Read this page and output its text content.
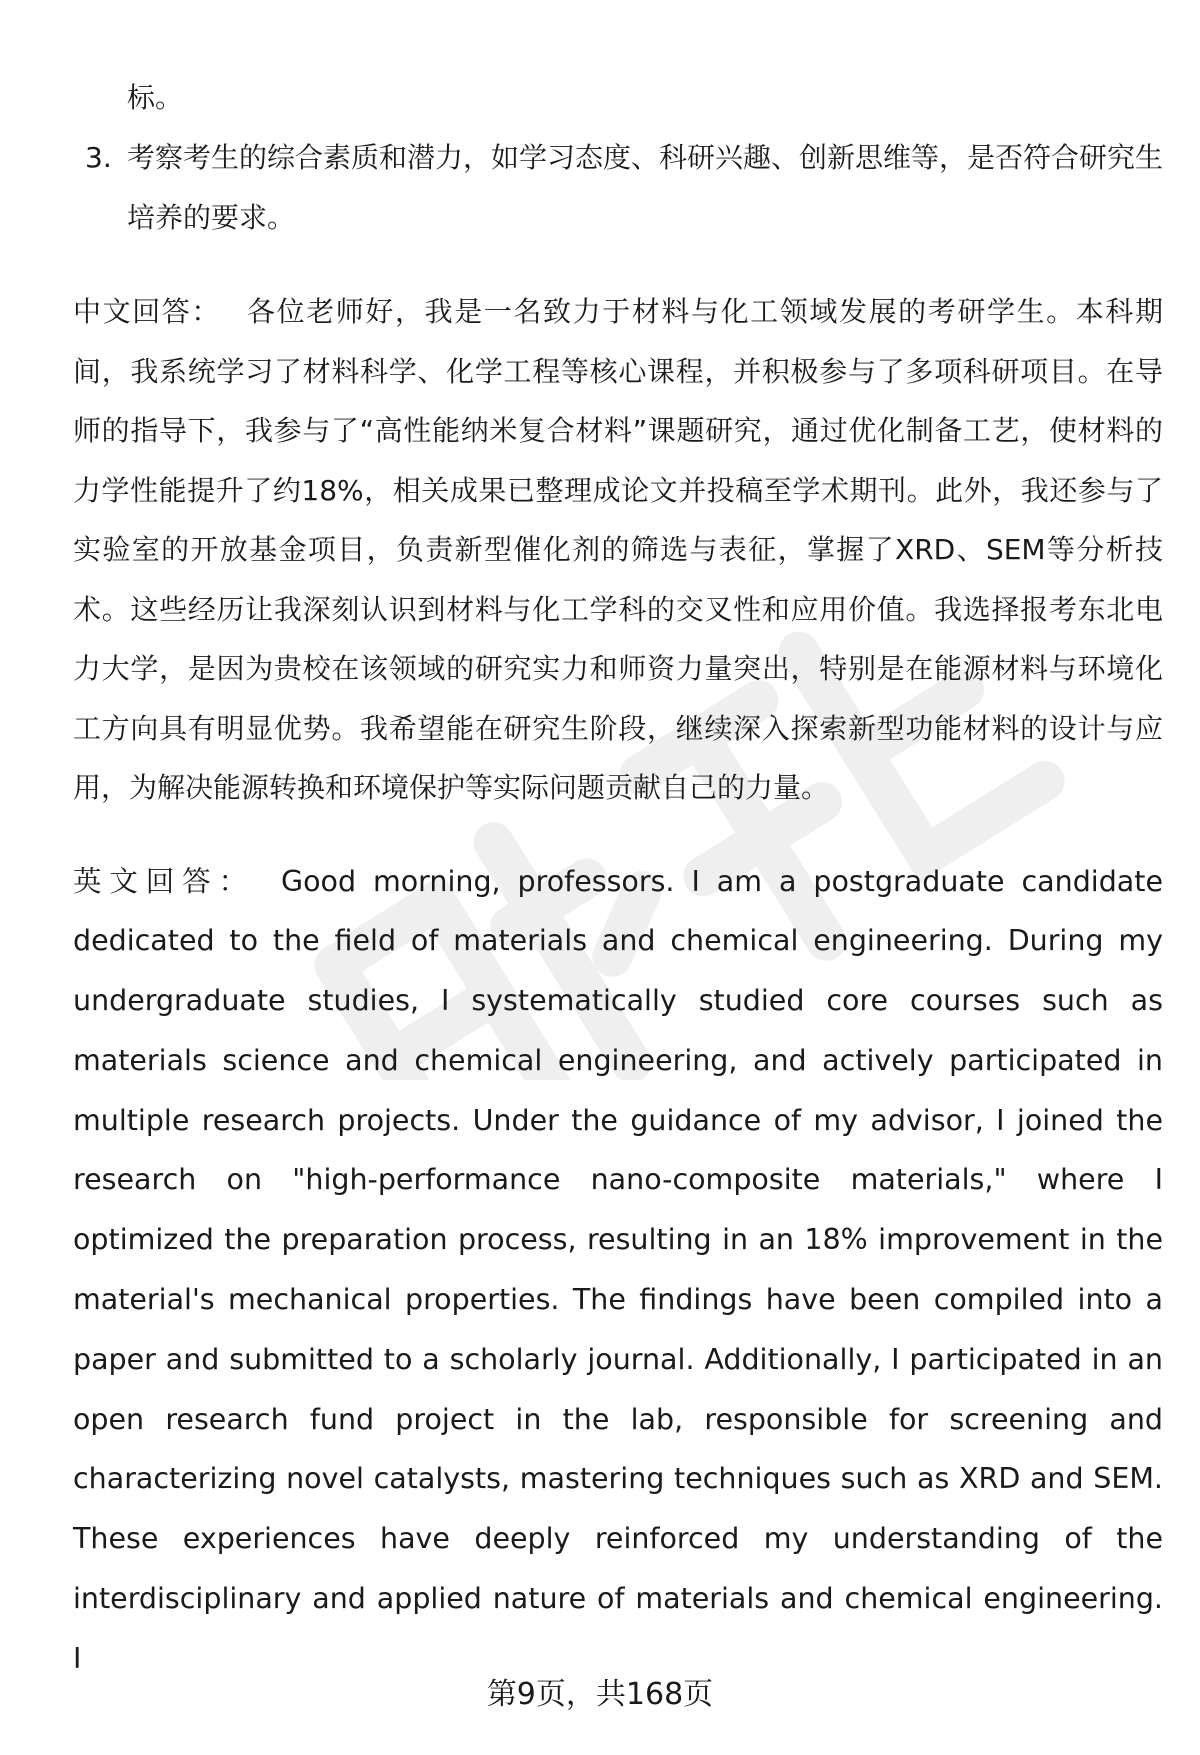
标。

3. 考察考生的综合素质和潜力，如学习态度、科研兴趣、创新思维等，是否符合研究生培养的要求。

中文回答： 各位老师好，我是一名致力于材料与化工领域发展的考研学生。本科期间，我系统学习了材料科学、化学工程等核心课程，并积极参与了多项科研项目。在导师的指导下，我参与了“高性能纳米复合材料”课题研究，通过优化制备工艺，使材料的力学性能提升了约18%，相关成果已整理成论文并投稿至学术期刊。此外，我还参与了实验室的开放基金项目，负责新型催化剂的筛选与表征，掌握了XRD、SEM等分析技术。这些经历让我深刻认识到材料与化工学科的交叉性和应用价值。我选择报考东北电力大学，是因为贵校在该领域的研究实力和师资力量突出，特别是在能源材料与环境化工方向具有明显优势。我希望能在研究生阶段，继续深入探索新型功能材料的设计与应用，为解决能源转换和环境保护等实际问题贡献自己的力量。

英文回答： Good morning, professors. I am a postgraduate candidate dedicated to the field of materials and chemical engineering. During my undergraduate studies, I systematically studied core courses such as materials science and chemical engineering, and actively participated in multiple research projects. Under the guidance of my advisor, I joined the research on "high-performance nano-composite materials," where I optimized the preparation process, resulting in an 18% improvement in the material's mechanical properties. The findings have been compiled into a paper and submitted to a scholarly journal. Additionally, I participated in an open research fund project in the lab, responsible for screening and characterizing novel catalysts, mastering techniques such as XRD and SEM. These experiences have deeply reinforced my understanding of the interdisciplinary and applied nature of materials and chemical engineering. I

第9页，共168页
